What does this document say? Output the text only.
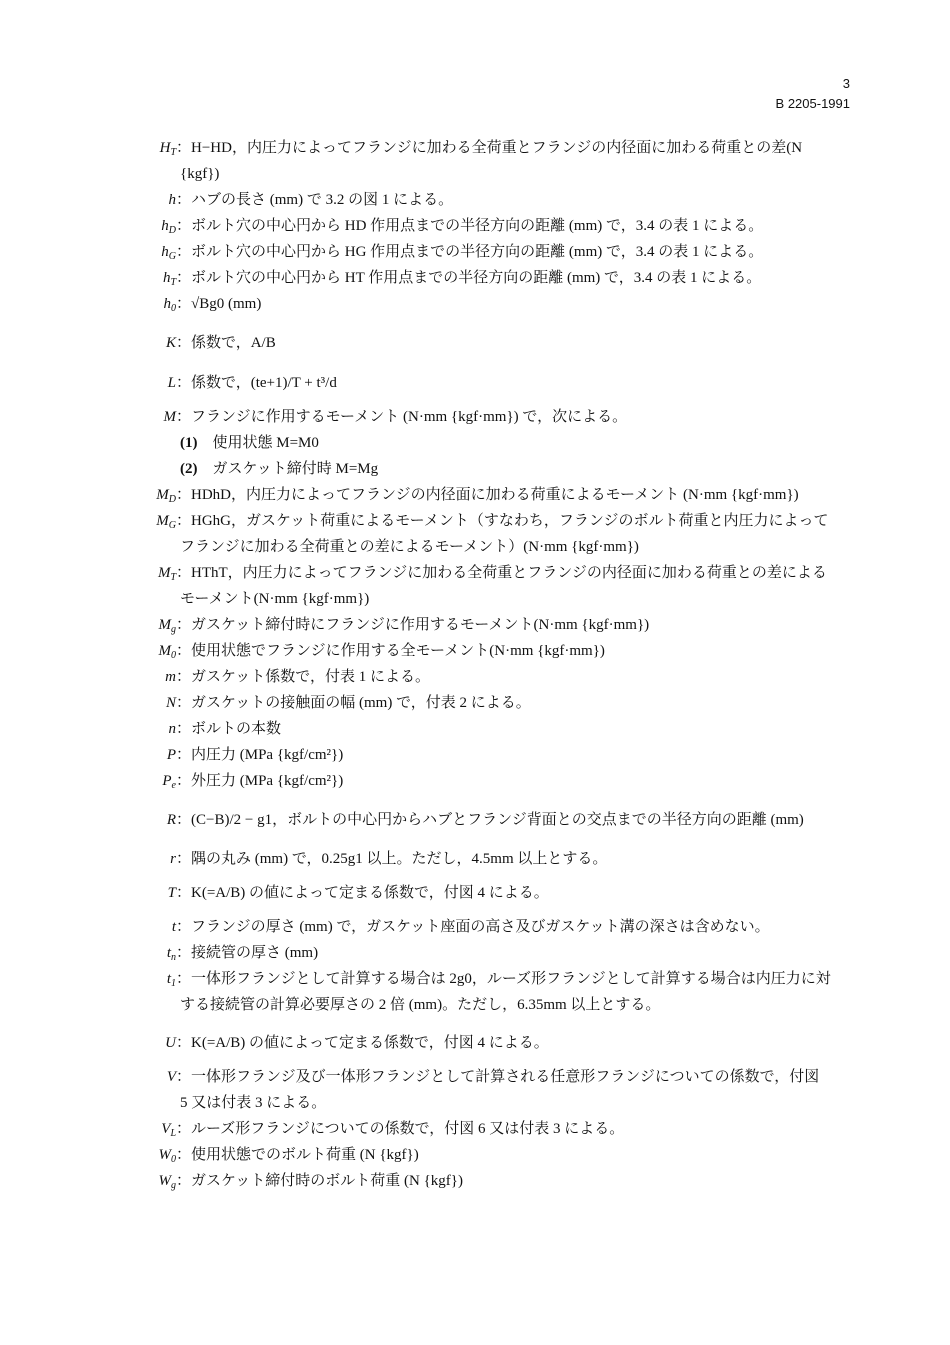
3
B 2205-1991
$H_T$ ：H−HD，内圧力によってフランジに加わる全荷重とフランジの内径面に加わる荷重との差(N
{kgf})
h ：ハブの長さ (mm) で 3.2 の図 1 による。
$h_D$ ：ボルト穴の中心円から HD 作用点までの半径方向の距離 (mm) で，3.4 の表 1 による。
$h_G$ ：ボルト穴の中心円から HG 作用点までの半径方向の距離 (mm) で，3.4 の表 1 による。
$h_T$ ：ボルト穴の中心円から HT 作用点までの半径方向の距離 (mm) で，3.4 の表 1 による。
$h_0$ ：√Bg0 (mm)
K ：係数で，A/B
L ：係数で，(te+1)/T + t³/d
M ：フランジに作用するモーメント (N·mm {kgf·mm}) で，次による。
$M_D$ ：HDhD，内圧力によってフランジの内径面に加わる荷重によるモーメント (N·mm {kgf·mm})
$M_G$ ：HGhG，ガスケット荷重によるモーメント（すなわち，フランジのボルト荷重と内圧力によって
フランジに加わる全荷重との差によるモーメント）(N·mm {kgf·mm})
$M_T$ ：HThT，内圧力によってフランジに加わる全荷重とフランジの内径面に加わる荷重との差による
モーメント(N·mm {kgf·mm})
$M_g$ ：ガスケット締付時にフランジに作用するモーメント(N·mm {kgf·mm})
$M_0$ ：使用状態でフランジに作用する全モーメント(N·mm {kgf·mm})
m ：ガスケット係数で，付表 1 による。
N ：ガスケットの接触面の幅 (mm) で，付表 2 による。
n ：ボルトの本数
P ：内圧力 (MPa {kgf/cm²})
$P_e$ ：外圧力 (MPa {kgf/cm²})
R ：(C−B)/2 − g1，ボルトの中心円からハブとフランジ背面との交点までの半径方向の距離 (mm)
r ：隅の丸み (mm) で，0.25g1 以上。ただし，4.5mm 以上とする。
T ：K(=A/B) の値によって定まる係数で，付図 4 による。
t ：フランジの厚さ (mm) で，ガスケット座面の高さ及びガスケット溝の深さは含めない。
$t_n$ ：接続管の厚さ (mm)
$t_1$ ：一体形フランジとして計算する場合は 2g0，ルーズ形フランジとして計算する場合は内圧力に対
する接続管の計算必要厚さの 2 倍 (mm)。ただし，6.35mm 以上とする。
U ：K(=A/B) の値によって定まる係数で，付図 4 による。
V ：一体形フランジ及び一体形フランジとして計算される任意形フランジについての係数で，付図
5 又は付表 3 による。
$V_L$ ：ルーズ形フランジについての係数で，付図 6 又は付表 3 による。
$W_0$ ：使用状態でのボルト荷重 (N {kgf})
$W_g$ ：ガスケット締付時のボルト荷重 (N {kgf})
(1)　使用状態 M=M0
(2)　ガスケット締付時 M=Mg
